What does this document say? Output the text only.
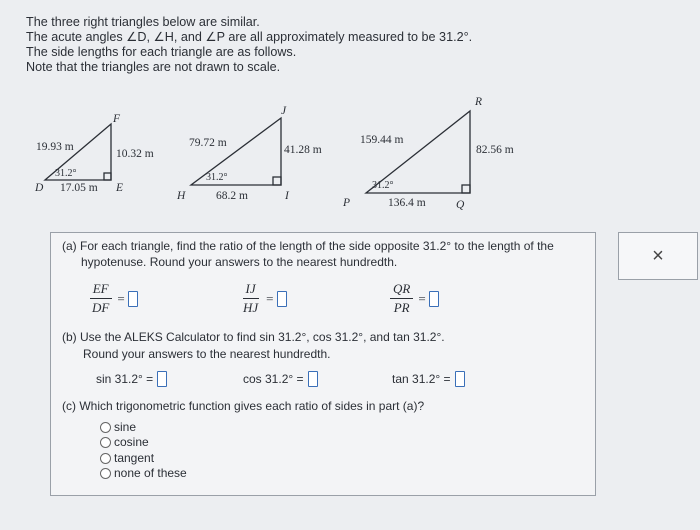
The three right triangles below are similar.
The acute angles ∠D, ∠H, and ∠P are all approximately measured to be 31.2°.
The side lengths for each triangle are as follows.
Note that the triangles are not drawn to scale.
D	E
F
19.93 m
10.32 m
17.05 m
31.2°
H	I
J
79.72 m
41.28 m
68.2 m
31.2°
P	Q
R
159.44 m
82.56 m
136.4 m
31.2°
(a) For each triangle, find the ratio of the length of the side opposite 31.2° to the length of the
hypotenuse. Round your answers to the nearest hundredth.
$\frac{EF}{DF}$ =	$\frac{IJ}{HJ}$ =	$\frac{QR}{PR}$ =
(b) Use the ALEKS Calculator to find sin 31.2°, cos 31.2°, and tan 31.2°.
Round your answers to the nearest hundredth.
sin 31.2° =	cos 31.2° =	tan 31.2° =
(c) Which trigonometric function gives each ratio of sides in part (a)?
sine
cosine
tangent
none of these
×
